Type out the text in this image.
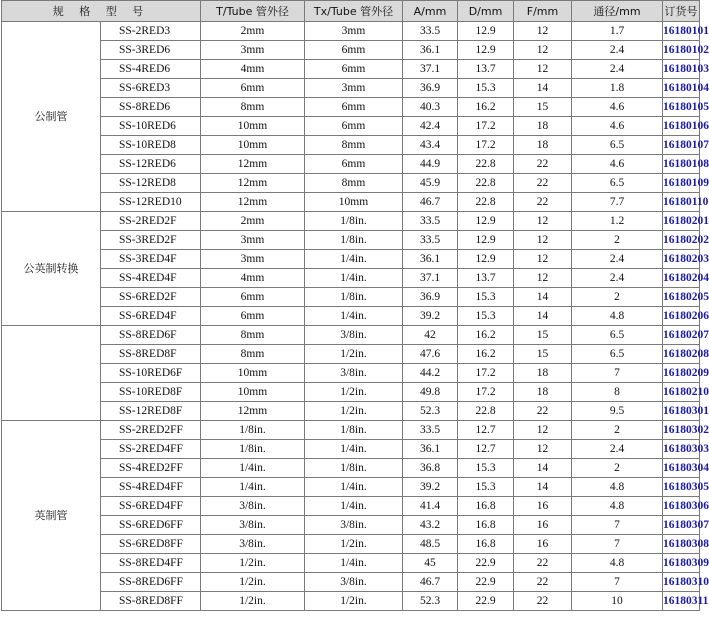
规 格 型 号		T/Tube 管外径	Tx/Tube 管外径	A/mm	D/mm	F/mm	通径/mm	订货号
公制管	SS-2RED3	2mm	3mm	33.5	12.9	12	1.7	16180101
	SS-3RED6	3mm	6mm	36.1	12.9	12	2.4	16180102
	SS-4RED6	4mm	6mm	37.1	13.7	12	2.4	16180103
	SS-6RED3	6mm	3mm	36.9	15.3	14	1.8	16180104
	SS-8RED6	8mm	6mm	40.3	16.2	15	4.6	16180105
	SS-10RED6	10mm	6mm	42.4	17.2	18	4.6	16180106
	SS-10RED8	10mm	8mm	43.4	17.2	18	6.5	16180107
	SS-12RED6	12mm	6mm	44.9	22.8	22	4.6	16180108
	SS-12RED8	12mm	8mm	45.9	22.8	22	6.5	16180109
	SS-12RED10	12mm	10mm	46.7	22.8	22	7.7	16180110
公英制转换	SS-2RED2F	2mm	1/8in.	33.5	12.9	12	1.2	16180201
	SS-3RED2F	3mm	1/8in.	33.5	12.9	12	2	16180202
	SS-3RED4F	3mm	1/4in.	36.1	12.9	12	2.4	16180203
	SS-4RED4F	4mm	1/4in.	37.1	13.7	12	2.4	16180204
	SS-6RED2F	6mm	1/8in.	36.9	15.3	14	2	16180205
	SS-6RED4F	6mm	1/4in.	39.2	15.3	14	4.8	16180206
	SS-8RED6F	8mm	3/8in.	42	16.2	15	6.5	16180207
	SS-8RED8F	8mm	1/2in.	47.6	16.2	15	6.5	16180208
	SS-10RED6F	10mm	3/8in.	44.2	17.2	18	7	16180209
	SS-10RED8F	10mm	1/2in.	49.8	17.2	18	8	16180210
	SS-12RED8F	12mm	1/2in.	52.3	22.8	22	9.5	16180301
英制管	SS-2RED2FF	1/8in.	1/8in.	33.5	12.7	12	2	16180302
	SS-2RED4FF	1/8in.	1/4in.	36.1	12.7	12	2.4	16180303
	SS-4RED2FF	1/4in.	1/8in.	36.8	15.3	14	2	16180304
	SS-4RED4FF	1/4in.	1/4in.	39.2	15.3	14	4.8	16180305
	SS-6RED4FF	3/8in.	1/4in.	41.4	16.8	16	4.8	16180306
	SS-6RED6FF	3/8in.	3/8in.	43.2	16.8	16	7	16180307
	SS-6RED8FF	3/8in.	1/2in.	48.5	16.8	16	7	16180308
	SS-8RED4FF	1/2in.	1/4in.	45	22.9	22	4.8	16180309
	SS-8RED6FF	1/2in.	3/8in.	46.7	22.9	22	7	16180310
	SS-8RED8FF	1/2in.	1/2in.	52.3	22.9	22	10	16180311
